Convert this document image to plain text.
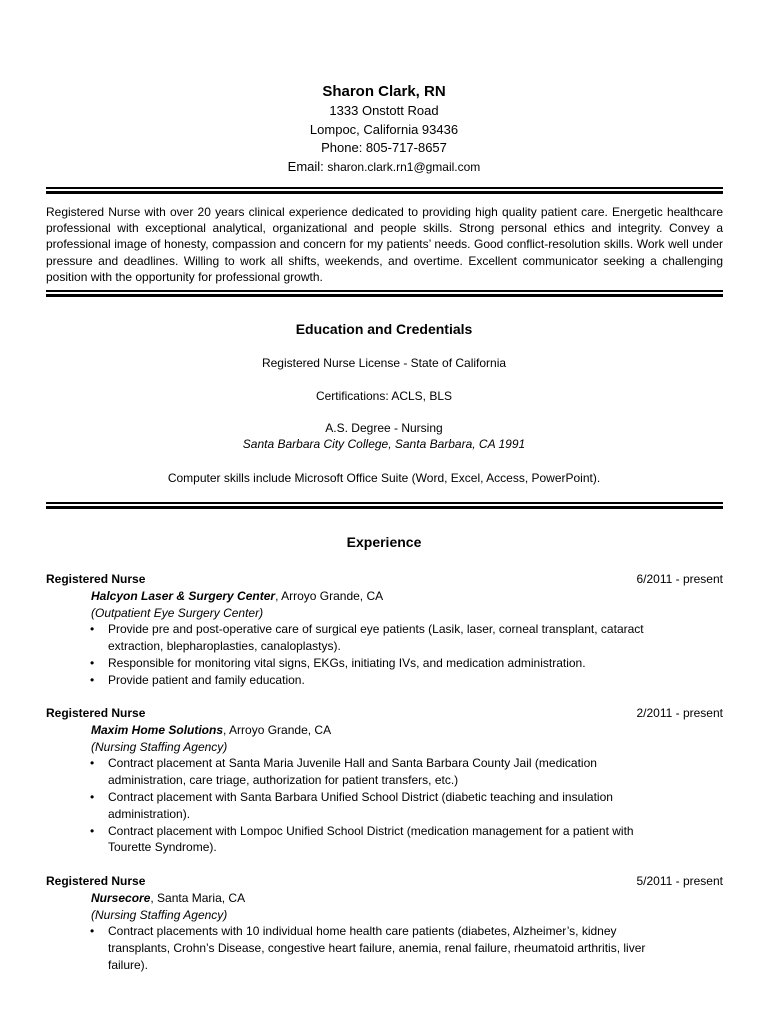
Sharon Clark, RN
1333 Onstott Road
Lompoc, California 93436
Phone: 805-717-8657
Email: sharon.clark.rn1@gmail.com
Registered Nurse with over 20 years clinical experience dedicated to providing high quality patient care. Energetic healthcare professional with exceptional analytical, organizational and people skills. Strong personal ethics and integrity. Convey a professional image of honesty, compassion and concern for my patients’ needs. Good conflict-resolution skills. Work well under pressure and deadlines. Willing to work all shifts, weekends, and overtime. Excellent communicator seeking a challenging position with the opportunity for professional growth.
Education and Credentials
Registered Nurse License - State of California
Certifications: ACLS, BLS
A.S. Degree - Nursing
Santa Barbara City College, Santa Barbara, CA 1991
Computer skills include Microsoft Office Suite (Word, Excel, Access, PowerPoint).
Experience
Registered Nurse	6/2011 - present
Halcyon Laser & Surgery Center, Arroyo Grande, CA
(Outpatient Eye Surgery Center)
• Provide pre and post-operative care of surgical eye patients (Lasik, laser, corneal transplant, cataract extraction, blepharoplasties, canaloplastys).
• Responsible for monitoring vital signs, EKGs, initiating IVs, and medication administration.
• Provide patient and family education.
Registered Nurse	2/2011 - present
Maxim Home Solutions, Arroyo Grande, CA
(Nursing Staffing Agency)
• Contract placement at Santa Maria Juvenile Hall and Santa Barbara County Jail (medication administration, care triage, authorization for patient transfers, etc.)
• Contract placement with Santa Barbara Unified School District (diabetic teaching and insulation administration).
• Contract placement with Lompoc Unified School District (medication management for a patient with Tourette Syndrome).
Registered Nurse	5/2011 - present
Nursecore, Santa Maria, CA
(Nursing Staffing Agency)
• Contract placements with 10 individual home health care patients (diabetes, Alzheimer’s, kidney transplants, Crohn’s Disease, congestive heart failure, anemia, renal failure, rheumatoid arthritis, liver failure).
